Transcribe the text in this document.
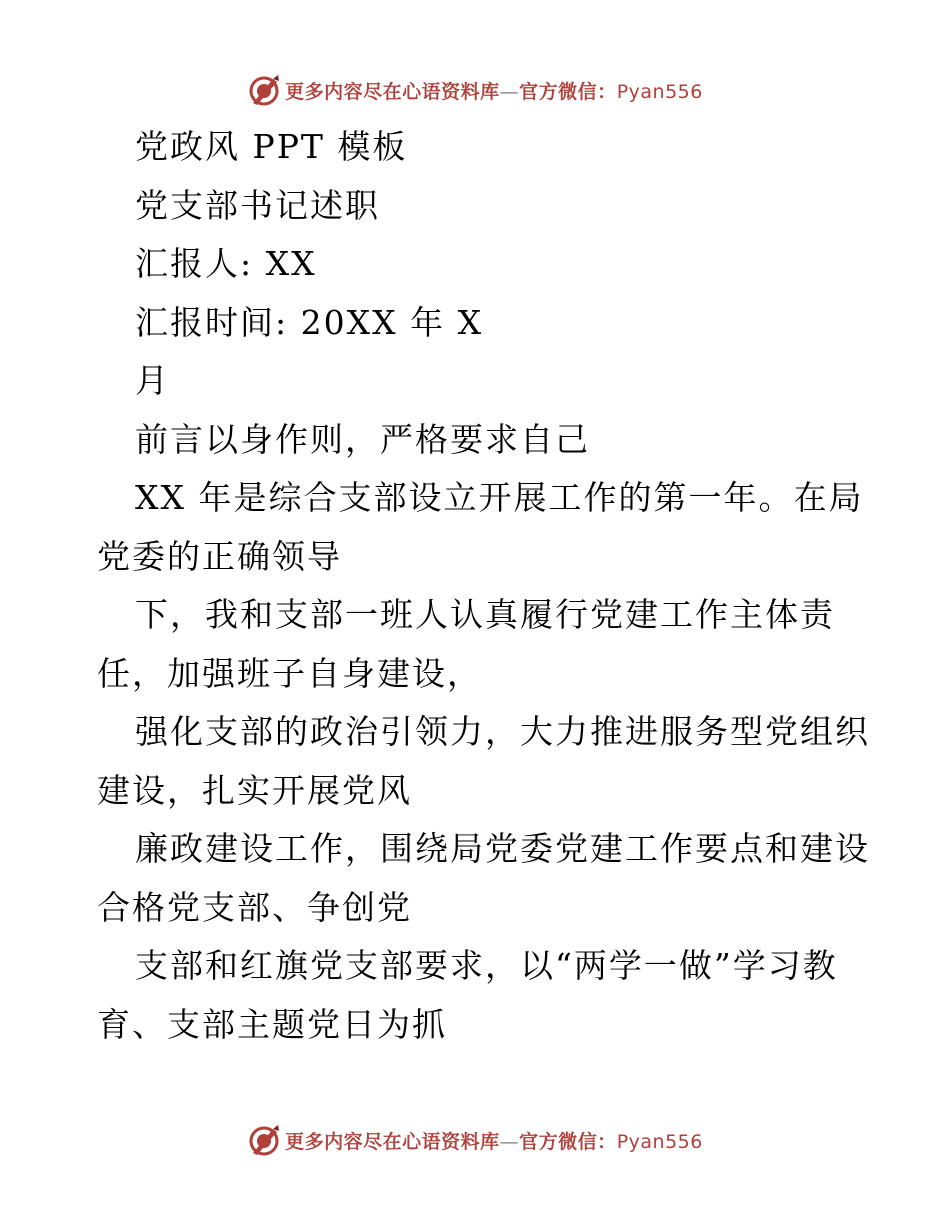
更多内容尽在心语资料库—官方微信：Pyan556
党政风 PPT 模板
党支部书记述职
汇报人: XX
汇报时间: 20XX 年 X
月
前言以身作则，严格要求自己
XX 年是综合支部设立开展工作的第一年。在局
党委的正确领导
下，我和支部一班人认真履行党建工作主体责
任，加强班子自身建设，
强化支部的政治引领力，大力推进服务型党组织
建设，扎实开展党风
廉政建设工作，围绕局党委党建工作要点和建设
合格党支部、争创党
支部和红旗党支部要求，以“两学一做”学习教
育、支部主题党日为抓
更多内容尽在心语资料库—官方微信：Pyan556
